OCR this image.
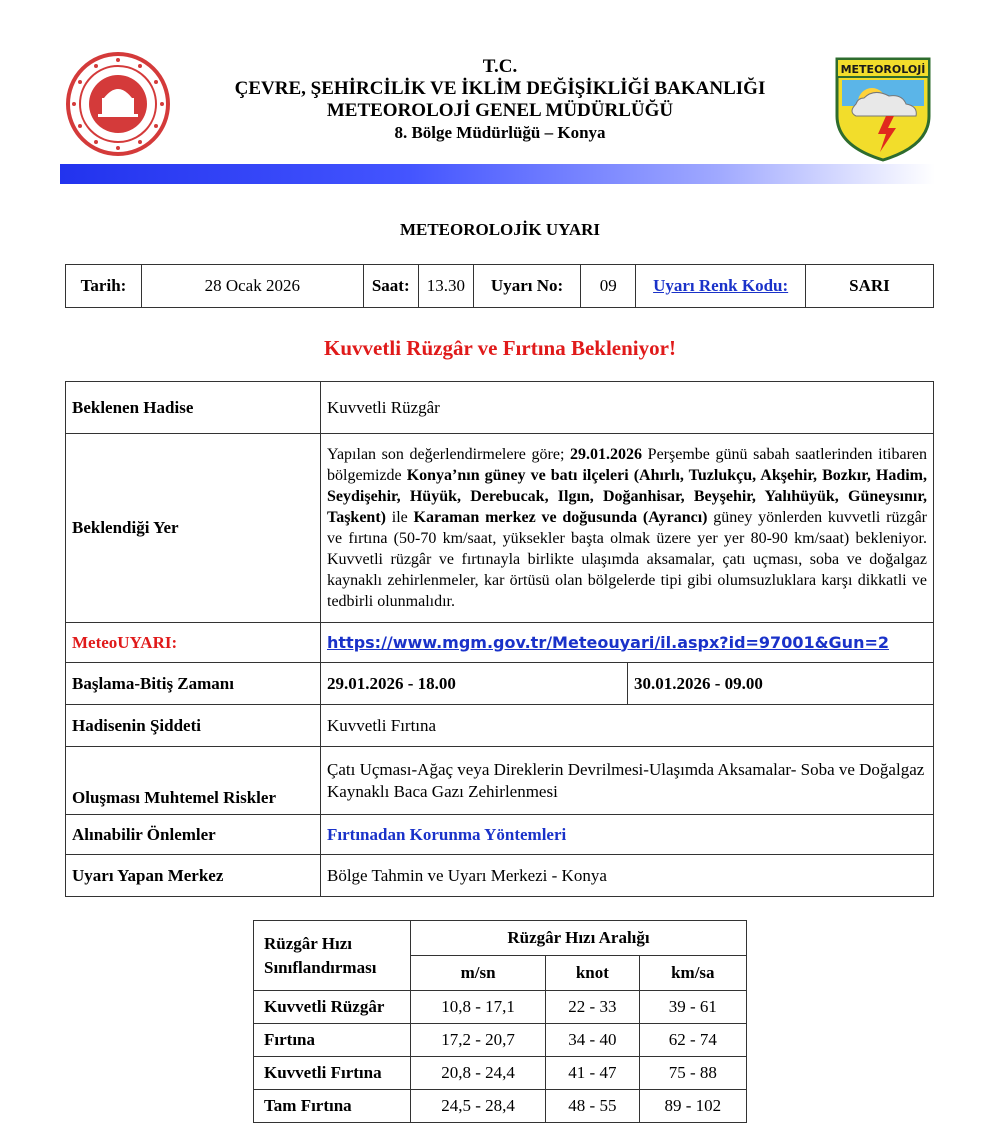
T.C.
ÇEVRE, ŞEHİRCİLİK VE İKLİM DEĞİŞİKLİĞİ BAKANLIĞI
METEOROLOJİ GENEL MÜDÜRLÜĞÜ
8. Bölge Müdürlüğü – Konya
METEOROLOJİ
METEOROLOJİK UYARI
Tarih:	28 Ocak 2026	Saat:	13.30	Uyarı No:	09	Uyarı Renk Kodu:	SARI
Kuvvetli Rüzgâr ve Fırtına Bekleniyor!
Beklenen Hadise	Kuvvetli Rüzgâr	
Beklendiği Yer	Yapılan son değerlendirmelere göre; 29.01.2026 Perşembe günü sabah saatlerinden itibaren bölgemizde Konya’nın güney ve batı ilçeleri (Ahırlı, Tuzlukçu, Akşehir, Bozkır, Hadim, Seydişehir, Hüyük, Derebucak, Ilgın, Doğanhisar, Beyşehir, Yalıhüyük, Güneysınır, Taşkent) ile Karaman merkez ve doğusunda (Ayrancı) güney yönlerden kuvvetli rüzgâr ve fırtına (50-70 km/saat, yüksekler başta olmak üzere yer yer 80-90 km/saat) bekleniyor. Kuvvetli rüzgâr ve fırtınayla birlikte ulaşımda aksamalar, çatı uçması, soba ve doğalgaz kaynaklı zehirlenmeler, kar örtüsü olan bölgelerde tipi gibi olumsuzluklara karşı dikkatli ve tedbirli olunmalıdır.	
MeteoUYARI:	https://www.mgm.gov.tr/Meteouyari/il.aspx?id=97001&Gun=2	
Başlama-Bitiş Zamanı	29.01.2026 - 18.00	30.01.2026 - 09.00
Hadisenin Şiddeti	Kuvvetli Fırtına	
Oluşması Muhtemel Riskler	Çatı Uçması-Ağaç veya Direklerin Devrilmesi-Ulaşımda Aksamalar- Soba ve Doğalgaz Kaynaklı Baca Gazı Zehirlenmesi	
Alınabilir Önlemler	Fırtınadan Korunma Yöntemleri	
Uyarı Yapan Merkez	Bölge Tahmin ve Uyarı Merkezi - Konya	
Rüzgâr Hızı
Sınıflandırması	Rüzgâr Hızı Aralığı		
	m/sn	knot	km/sa
Kuvvetli Rüzgâr	10,8 - 17,1	22 - 33	39 - 61
Fırtına	17,2 - 20,7	34 - 40	62 - 74
Kuvvetli Fırtına	20,8 - 24,4	41 - 47	75 - 88
Tam Fırtına	24,5 - 28,4	48 - 55	89 - 102
